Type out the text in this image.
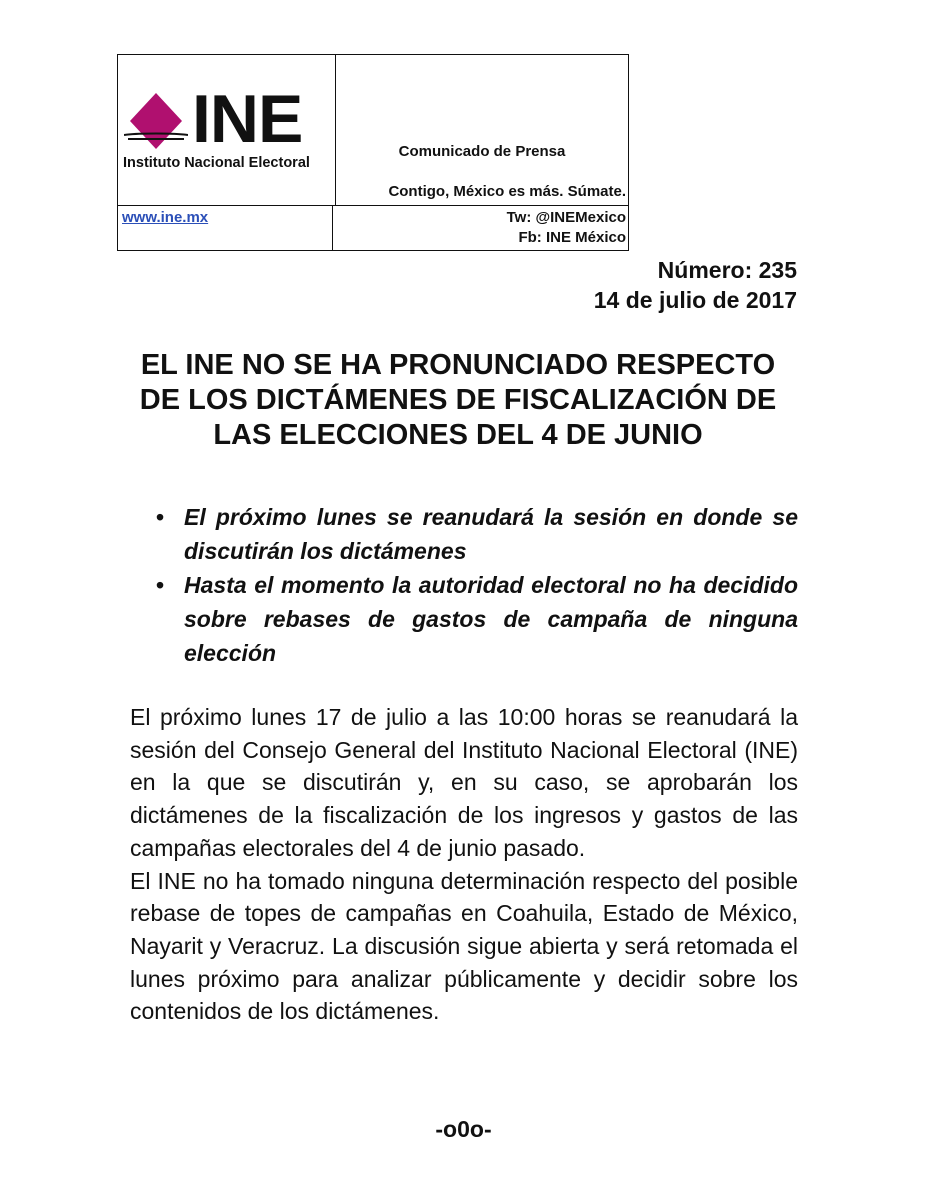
INE
Instituto Nacional Electoral
Comunicado de Prensa
Contigo, México es más. Súmate.
www.ine.mx	Tw: @INEMexico
Fb: INE México
Número: 235
14 de julio de 2017
EL INE NO SE HA PRONUNCIADO RESPECTO DE LOS DICTÁMENES DE FISCALIZACIÓN DE LAS ELECCIONES DEL 4 DE JUNIO
• El próximo lunes se reanudará la sesión en donde se discutirán los dictámenes
• Hasta el momento la autoridad electoral no ha decidido sobre rebases de gastos de campaña de ninguna elección

El próximo lunes 17 de julio a las 10:00 horas se reanudará la sesión del Consejo General del Instituto Nacional Electoral (INE) en la que se discutirán y, en su caso, se aprobarán los dictámenes de la fiscalización de los ingresos y gastos de las campañas electorales del 4 de junio pasado.

El INE no ha tomado ninguna determinación respecto del posible rebase de topes de campañas en Coahuila, Estado de México, Nayarit y Veracruz. La discusión sigue abierta y será retomada el lunes próximo para analizar públicamente y decidir sobre los contenidos de los dictámenes.

-o0o-
